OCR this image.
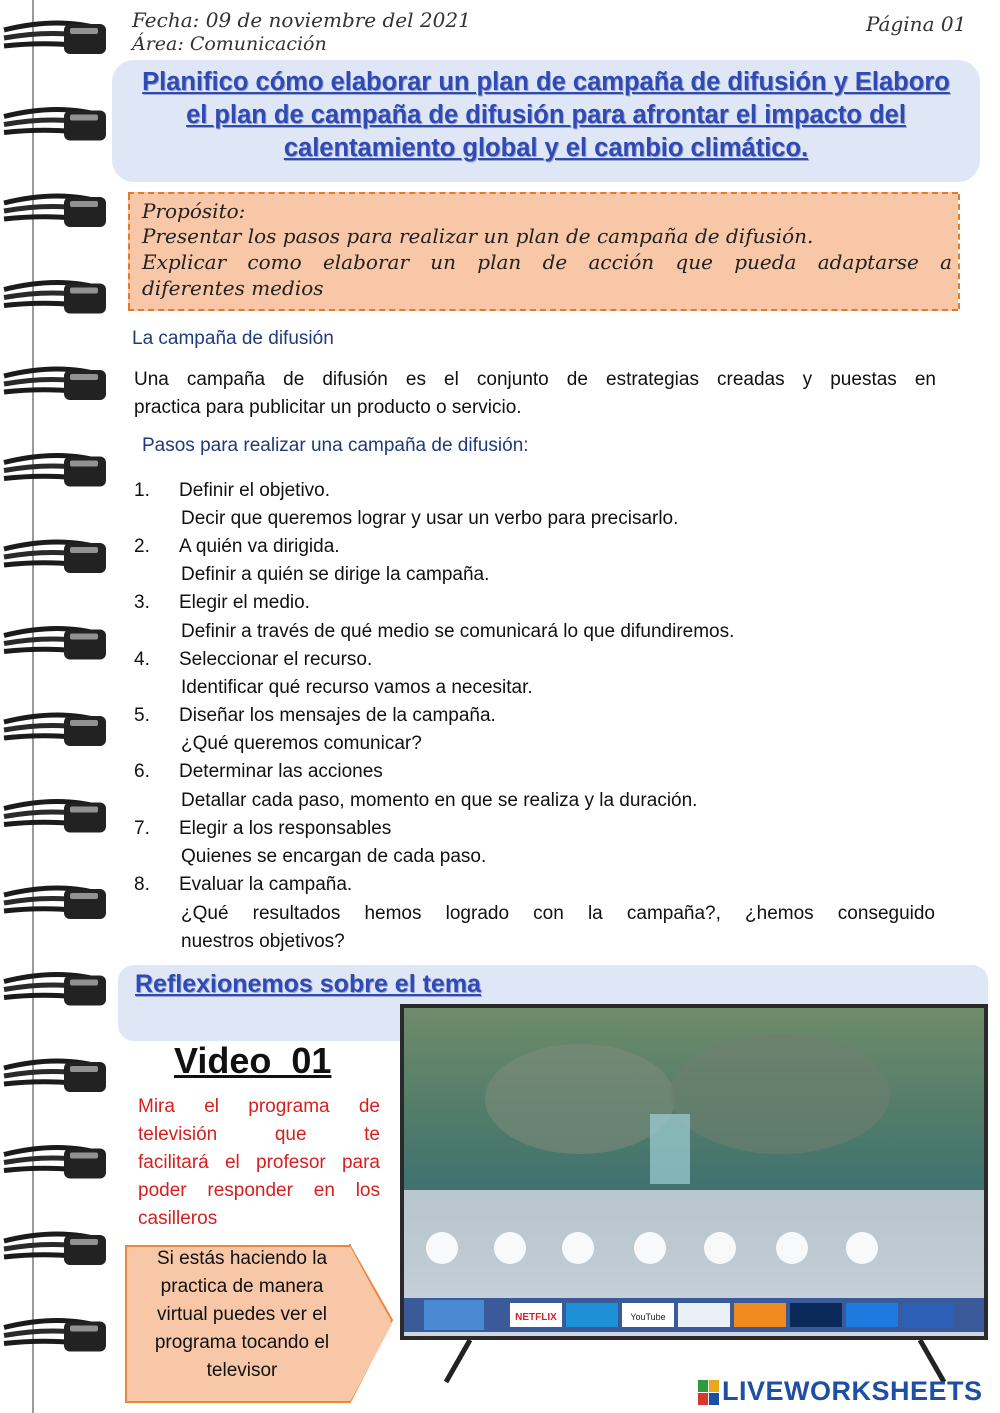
Fecha: 09 de noviembre del 2021
Área: Comunicación
Página 01
Planifico cómo elaborar un plan de campaña de difusión y Elaboro
el plan de campaña de difusión para afrontar el impacto del
calentamiento global y el cambio climático.
Propósito:
Presentar los pasos para realizar un plan de campaña de difusión.
Explicar como elaborar un plan de acción que pueda adaptarse a
diferentes medios
La campaña de difusión
Una campaña de difusión es el conjunto de estrategias creadas y puestas en
practica para publicitar un producto o servicio.
Pasos para realizar una campaña de difusión:
1. Definir el objetivo.
Decir que queremos lograr y usar un verbo para precisarlo.
2. A quién va dirigida.
Definir a quién se dirige la campaña.
3. Elegir el medio.
Definir a través de qué medio se comunicará lo que difundiremos.
4. Seleccionar el recurso.
Identificar qué recurso vamos a necesitar.
5. Diseñar los mensajes de la campaña.
¿Qué queremos comunicar?
6. Determinar las acciones
Detallar cada paso, momento en que se realiza y la duración.
7. Elegir a los responsables
Quienes se encargan de cada paso.
8. Evaluar la campaña.
¿Qué resultados hemos logrado con la campaña?, ¿hemos conseguido
nuestros objetivos?
Reflexionemos sobre el tema
Video  01
Mira el programa de
televisión que te
facilitará el profesor para
poder responder en los
casilleros
Si estás haciendo la
practica de manera
virtual puedes ver el
programa tocando el
televisor
NETFLIX	YouTube
LIVEWORKSHEETS
